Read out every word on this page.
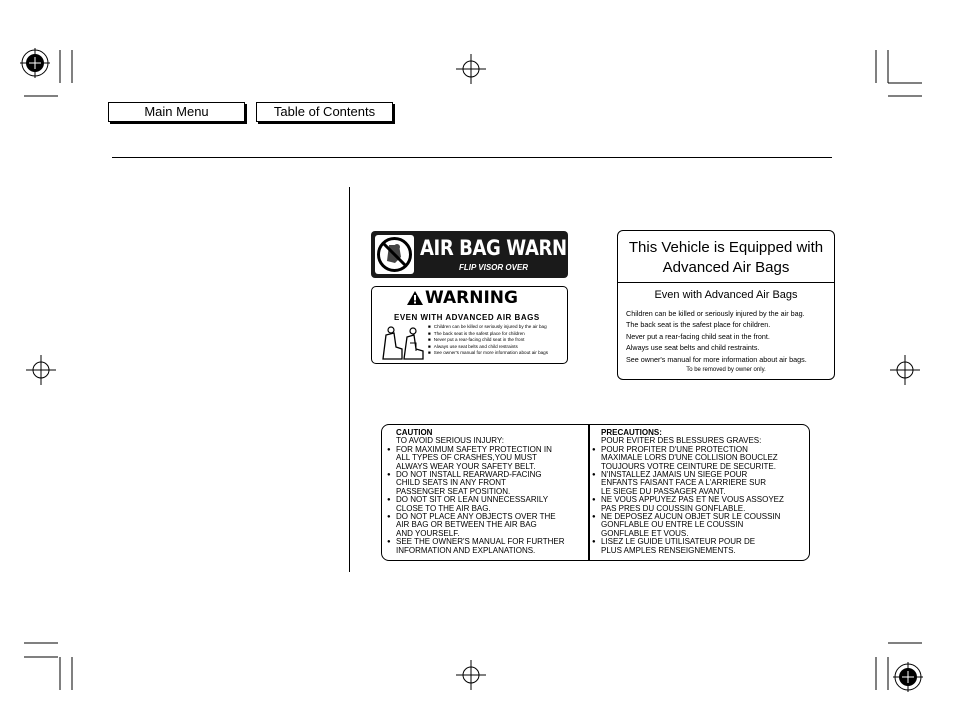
Main Menu	Table of Contents
AIR BAG WARNING
FLIP VISOR OVER
WARNING
EVEN WITH ADVANCED AIR BAGS
■ Children can be killed or seriously injured by the air bag
■ The back seat is the safest place for children
■ Never put a rear-facing child seat in the front
■ Always use seat belts and child restraints
■ See owner's manual for more information about air bags
This Vehicle is Equipped with
Advanced Air Bags
Even with Advanced Air Bags
Children can be killed or seriously injured by the air bag.
The back seat is the safest place for children.
Never put a rear-facing child seat in the front.
Always use seat belts and child restraints.
See owner's manual for more information about air bags.
To be removed by owner only.
CAUTION
TO AVOID SERIOUS INJURY:
● FOR MAXIMUM SAFETY PROTECTION IN
ALL TYPES OF CRASHES,YOU MUST
ALWAYS WEAR YOUR SAFETY BELT.
● DO NOT INSTALL REARWARD-FACING
CHILD SEATS IN ANY FRONT
PASSENGER SEAT POSITION.
● DO NOT SIT OR LEAN UNNECESSARILY
CLOSE TO THE AIR BAG.
● DO NOT PLACE ANY OBJECTS OVER THE
AIR BAG OR BETWEEN THE AIR BAG
AND YOURSELF.
● SEE THE OWNER'S MANUAL FOR FURTHER
INFORMATION AND EXPLANATIONS.
PRECAUTIONS:
POUR EVITER DES BLESSURES GRAVES:
● POUR PROFITER D'UNE PROTECTION
MAXIMALE LORS D'UNE COLLISION BOUCLEZ
TOUJOURS VOTRE CEINTURE DE SECURITE.
● N'INSTALLEZ JAMAIS UN SIEGE POUR
ENFANTS FAISANT FACE A L'ARRIERE SUR
LE SIEGE DU PASSAGER AVANT.
● NE VOUS APPUYEZ PAS ET NE VOUS ASSOYEZ
PAS PRES DU COUSSIN GONFLABLE.
● NE DEPOSEZ AUCUN OBJET SUR LE COUSSIN
GONFLABLE OU ENTRE LE COUSSIN
GONFLABLE ET VOUS.
● LISEZ LE GUIDE UTILISATEUR POUR DE
PLUS AMPLES RENSEIGNEMENTS.
